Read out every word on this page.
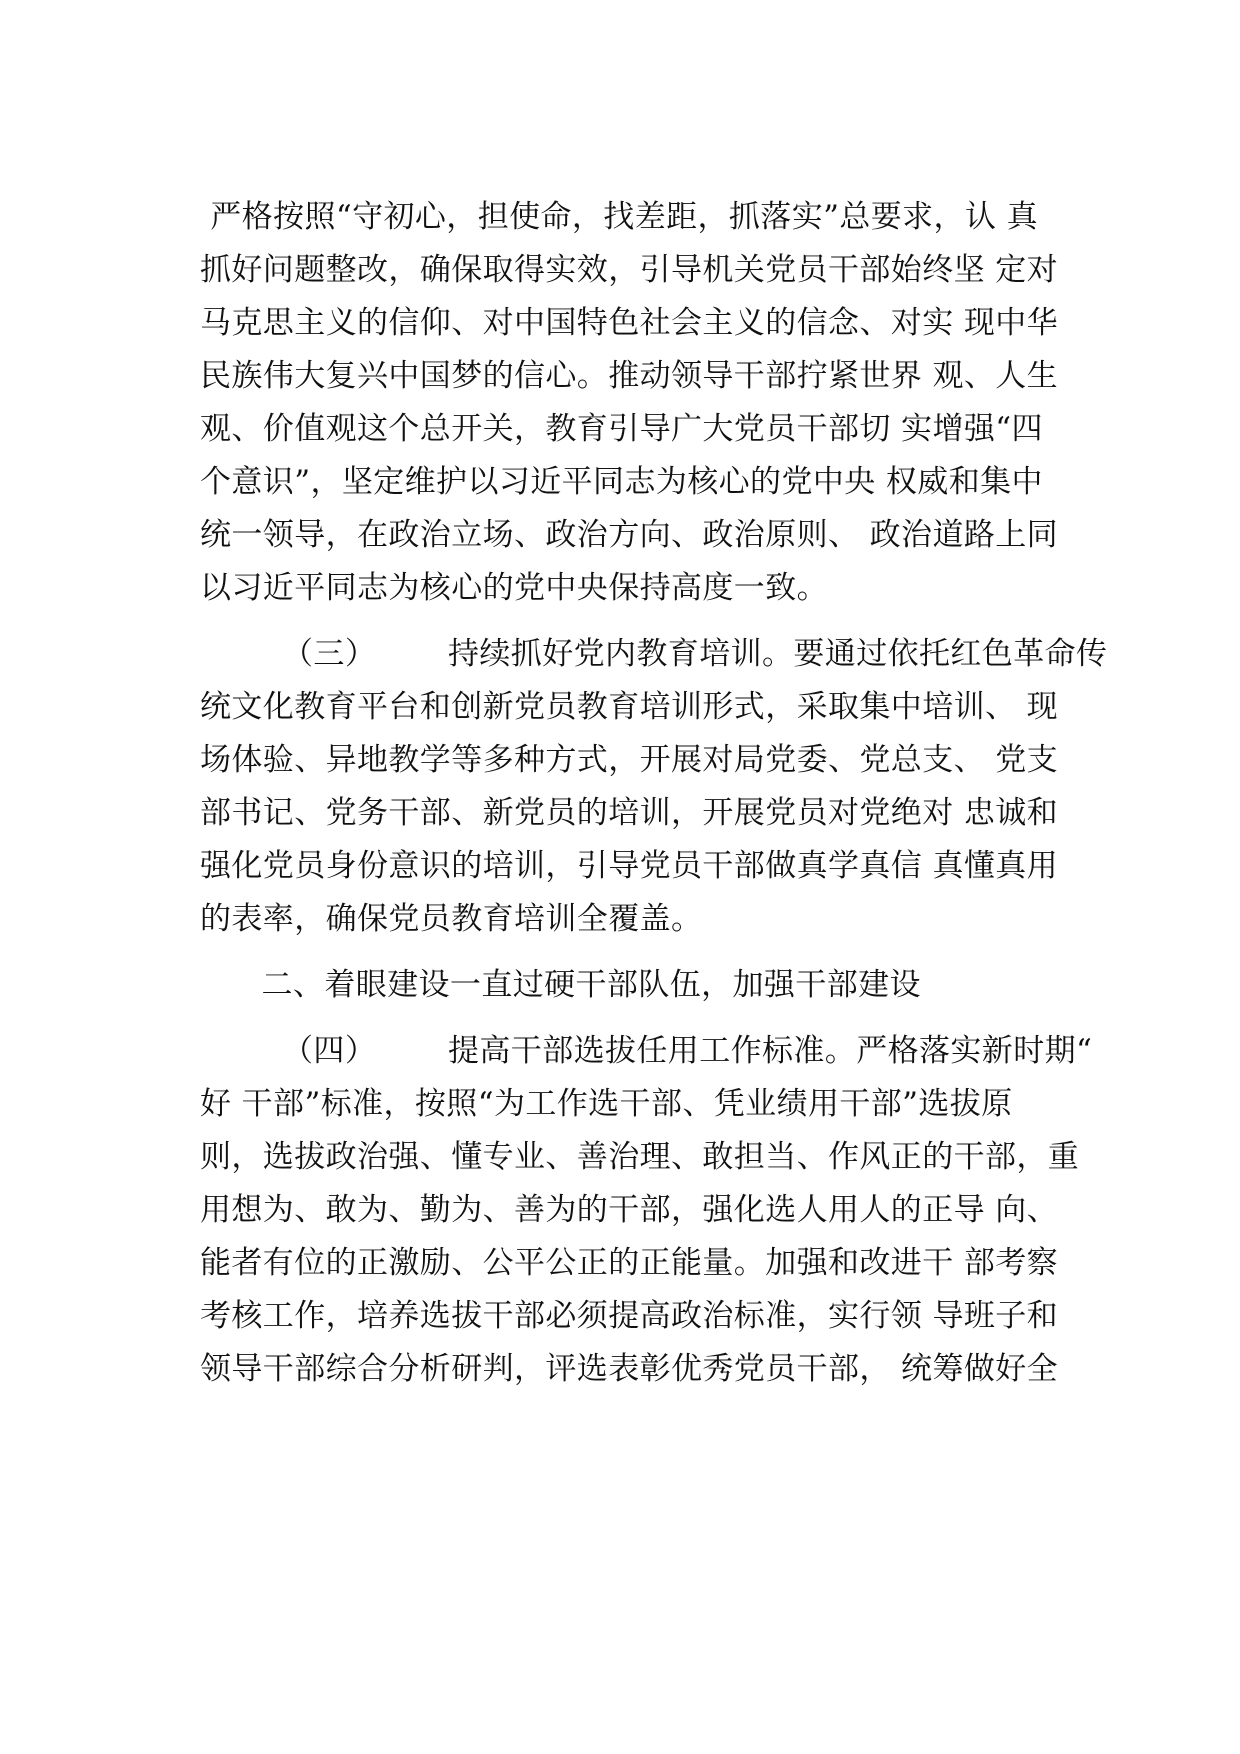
严格按照“守初心，担使命，找差距，抓落实”总要求，认 真
抓好问题整改，确保取得实效，引导机关党员干部始终坚 定对
马克思主义的信仰、对中国特色社会主义的信念、对实 现中华
民族伟大复兴中国梦的信心。推动领导干部拧紧世界 观、人生
观、价值观这个总开关，教育引导广大党员干部切 实增强“四
个意识”，坚定维护以习近平同志为核心的党中央 权威和集中
统一领导，在政治立场、政治方向、政治原则、 政治道路上同
以习近平同志为核心的党中央保持高度一致。
（三）       持续抓好党内教育培训。要通过依托红色革命传
统文化教育平台和创新党员教育培训形式，采取集中培训、 现
场体验、异地教学等多种方式，开展对局党委、党总支、 党支
部书记、党务干部、新党员的培训，开展党员对党绝对 忠诚和
强化党员身份意识的培训，引导党员干部做真学真信 真懂真用
的表率，确保党员教育培训全覆盖。
二、着眼建设一直过硬干部队伍，加强干部建设
（四）       提高干部选拔任用工作标准。严格落实新时期“
好 干部”标准，按照“为工作选干部、凭业绩用干部”选拔原
则，选拔政治强、懂专业、善治理、敢担当、作风正的干部，重
用想为、敢为、勤为、善为的干部，强化选人用人的正导 向、
能者有位的正激励、公平公正的正能量。加强和改进干 部考察
考核工作，培养选拔干部必须提高政治标准，实行领 导班子和
领导干部综合分析研判，评选表彰优秀党员干部， 统筹做好全
